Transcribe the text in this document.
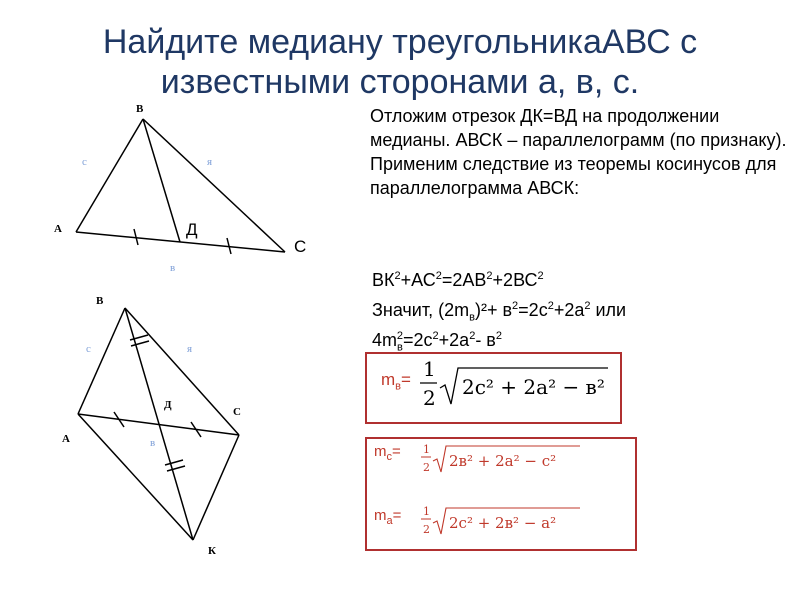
Найдите медиану треугольникаАВС с
известными сторонами а, в, с.
В
А
С
Д
с	я
в
В
А
С
Д
К
с	я
в
Отложим отрезок ДК=ВД на продолжении медианы. АВСК – параллелограмм (по признаку). Применим следствие из теоремы косинусов для параллелограмма АВСК:
$ВК^2+АС^2=2АВ^2+2ВС^2$
Значит, $(2m_в)^2+ в^2=2с^2+2а^2$ или
$4m_в^2=2с^2+2а^2-$ $в^2$
$m_в= 1$
2 2с² + 2а² − в²
$m_c= 1$
2 2в² + 2а² − с²
$m_a= 1$
2 2с² + 2в² − а²
